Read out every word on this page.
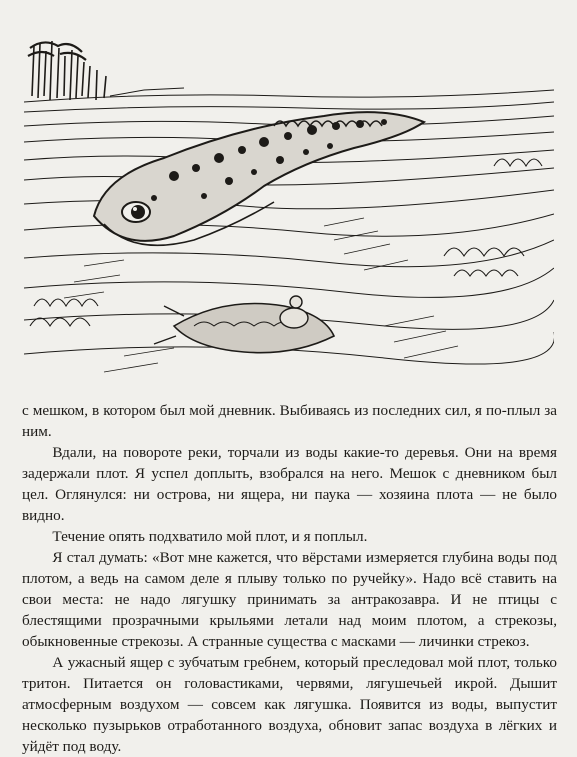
с мешком, в котором был мой дневник. Выбиваясь из последних сил, я по-плыл за ним.

Вдали, на повороте реки, торчали из воды какие-то деревья. Они на время задержали плот. Я успел доплыть, взобрался на него. Мешок с дневником был цел. Оглянулся: ни острова, ни ящера, ни паука — хозяина плота — не было видно.

Течение опять подхватило мой плот, и я поплыл.

Я стал думать: «Вот мне кажется, что вёрстами измеряется глубина воды под плотом, а ведь на самом деле я плыву только по ручейку». Надо всё ставить на свои места: не надо лягушку принимать за антракозавра. И не птицы с блестящими прозрачными крыльями летали над моим плотом, а стрекозы, обыкновенные стрекозы. А странные существа с масками — личинки стрекоз.

А ужасный ящер с зубчатым гребнем, который преследовал мой плот, только тритон. Питается он головастиками, червями, лягушечьей икрой. Дышит атмосферным воздухом — совсем как лягушка. Появится из воды, выпустит несколько пузырьков отработанного воздуха, обновит запас воздуха в лёгких и уйдёт под воду.
